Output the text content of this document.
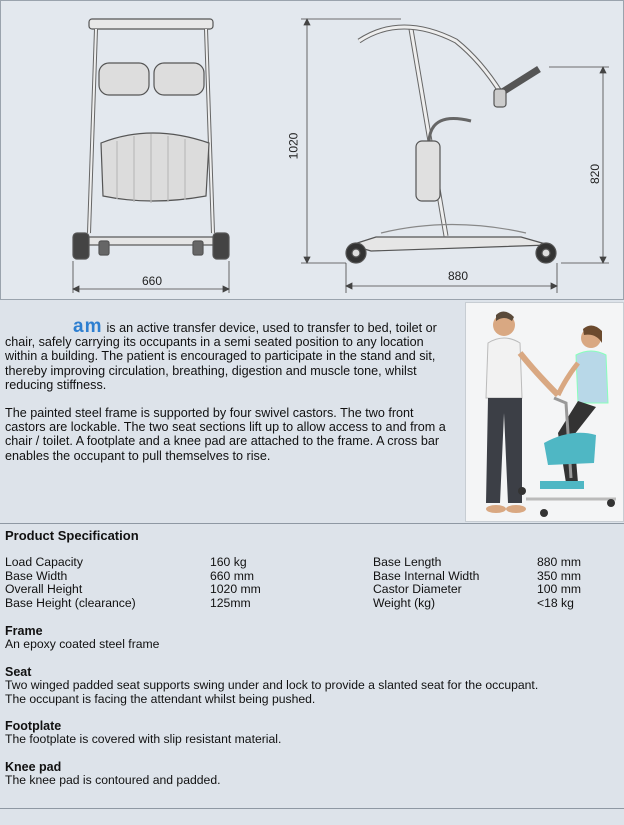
660
1020
880
820

am is an active transfer device, used to transfer to bed, toilet or chair, safely carrying its occupants in a semi seated position to any location within a building. The patient is encouraged to participate in the stand and sit, thereby improving circulation, breathing, digestion and muscle tone, whilst reducing stiffness.

The painted steel frame is supported by four swivel castors. The two front castors are lockable. The two seat sections lift up to allow access to and from a chair / toilet. A footplate and a knee pad are attached to the frame. A cross bar enables the occupant to pull themselves to rise.

Product Specification
Load Capacity
Base Width
Overall Height
Base Height (clearance)
160 kg
660 mm
1020 mm
125mm
Base Length
Base Internal Width
Castor Diameter
Weight (kg)
880 mm
350 mm
100 mm
<18 kg
Frame
An epoxy coated steel frame
Seat
Two winged padded seat supports swing under and lock to provide a slanted seat for the occupant.
The occupant is facing the attendant whilst being pushed.
Footplate
The footplate is covered with slip resistant material.
Knee pad
The knee pad is contoured and padded.
